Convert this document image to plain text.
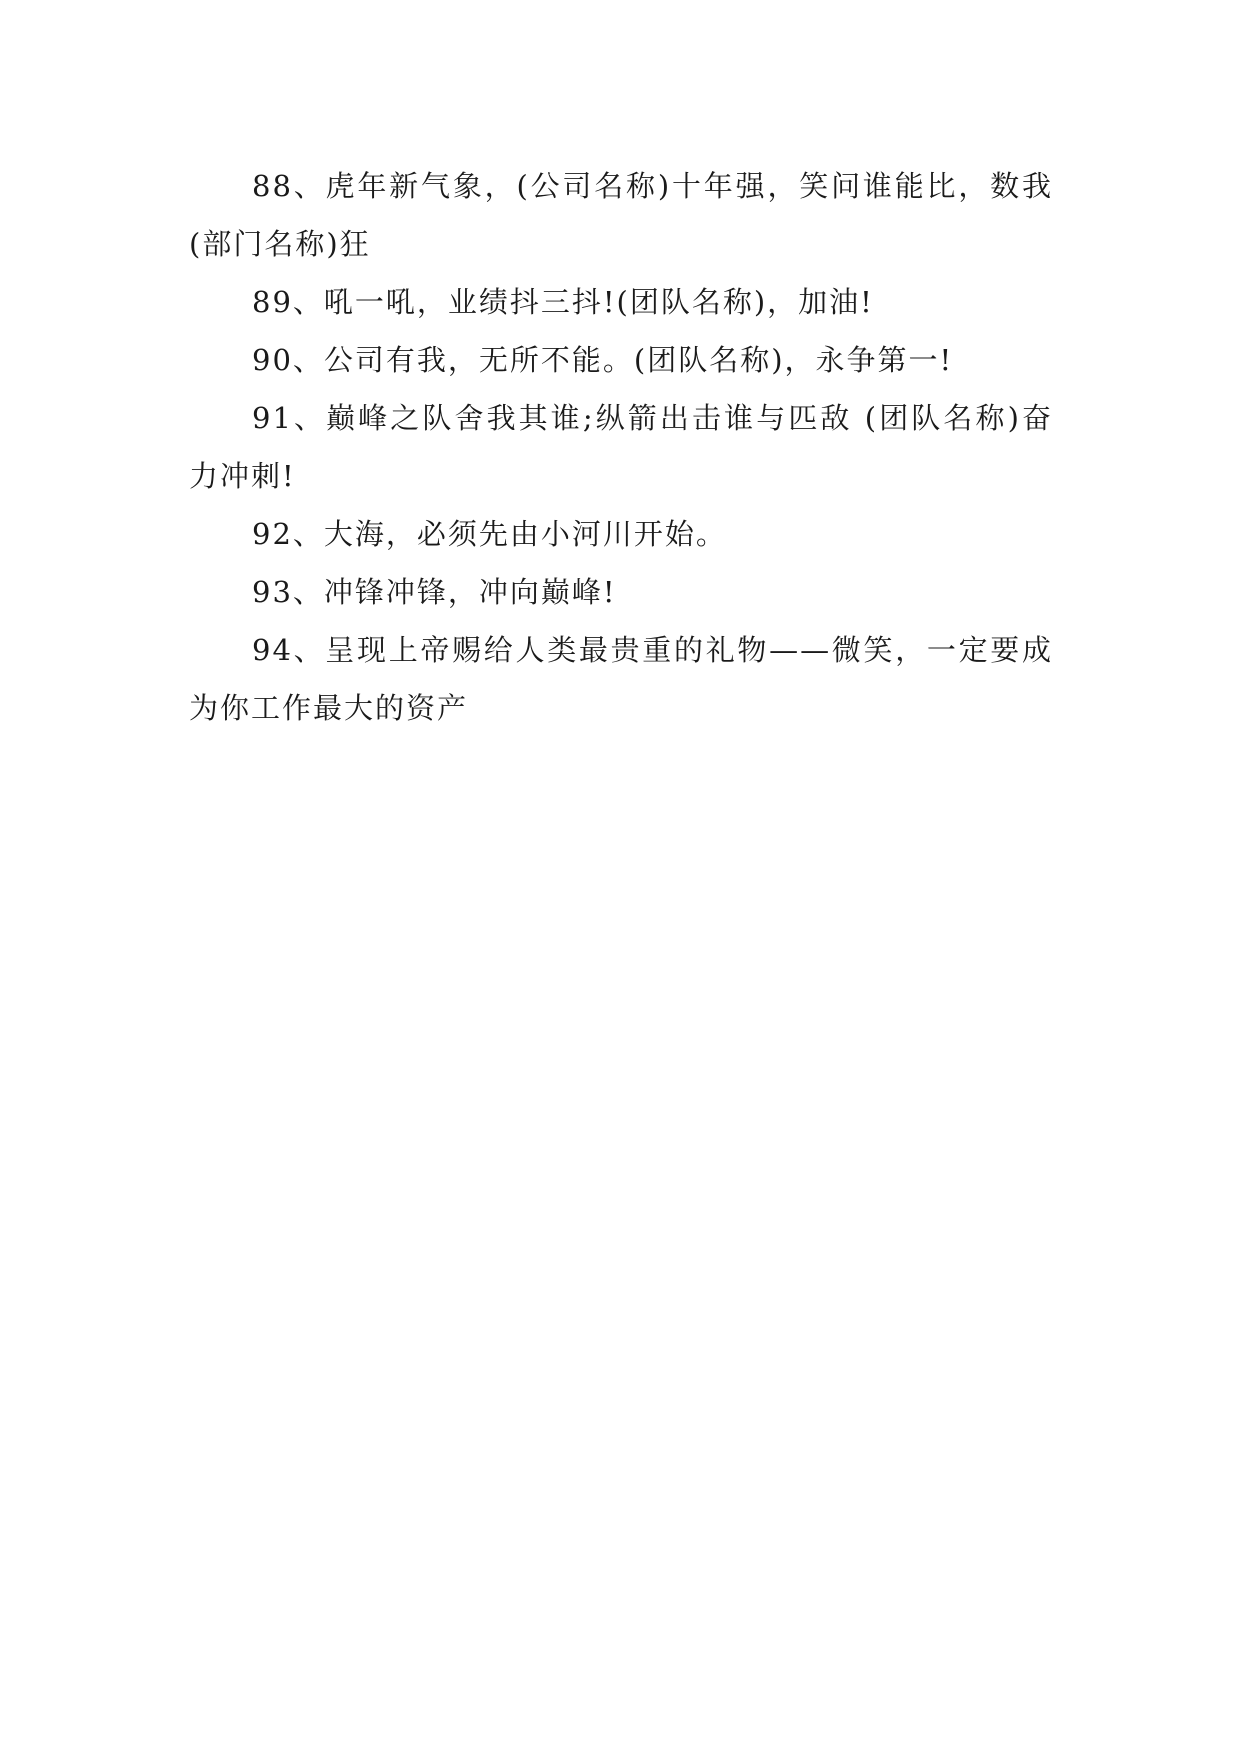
88、虎年新气象，(公司名称)十年强，笑问谁能比，数我(部门名称)狂

89、吼一吼，业绩抖三抖!(团队名称)，加油!

90、公司有我，无所不能。(团队名称)，永争第一!

91、巅峰之队舍我其谁;纵箭出击谁与匹敌 (团队名称)奋力冲刺!

92、大海，必须先由小河川开始。

93、冲锋冲锋，冲向巅峰!

94、呈现上帝赐给人类最贵重的礼物——微笑，一定要成为你工作最大的资产
